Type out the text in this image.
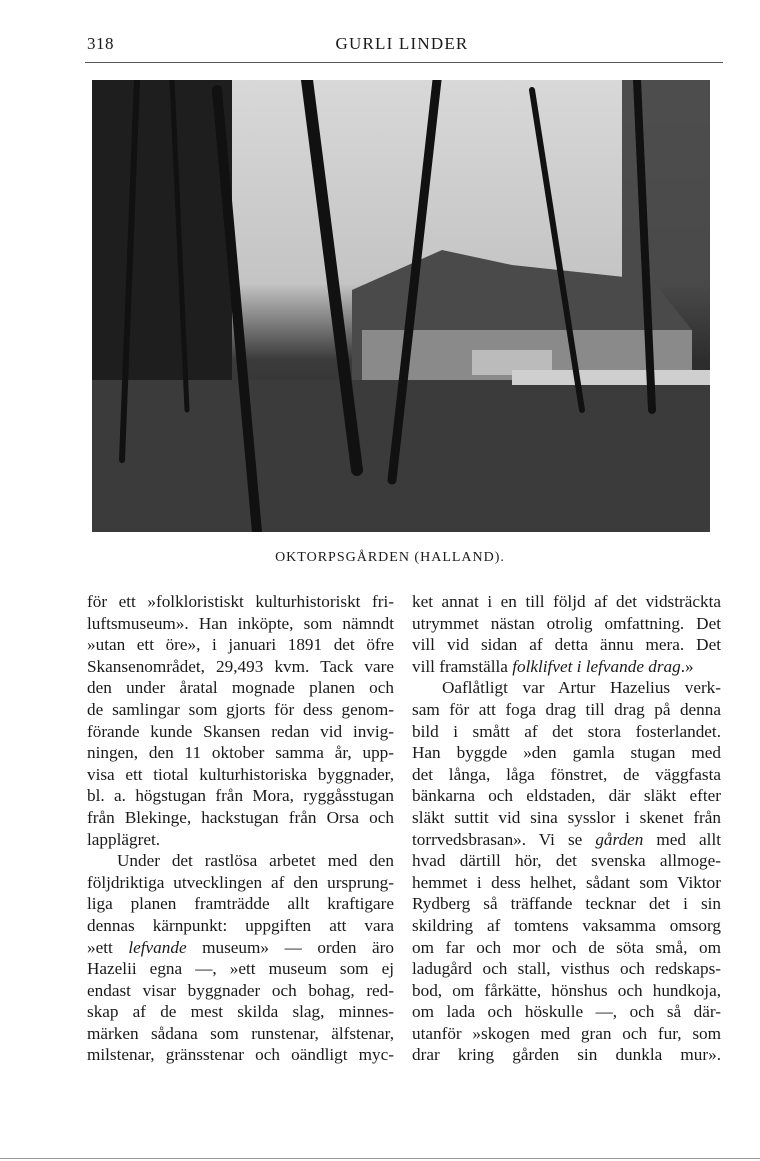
318	GURLI LINDER
OKTORPSGÅRDEN (HALLAND).
för ett »folkloristiskt kulturhistoriskt fri-
luftsmuseum». Han inköpte, som nämndt
»utan ett öre», i januari 1891 det öfre
Skansenområdet, 29,493 kvm. Tack vare
den under åratal mognade planen och
de samlingar som gjorts för dess genom-
förande kunde Skansen redan vid invig-
ningen, den 11 oktober samma år, upp-
visa ett tiotal kulturhistoriska byggnader,
bl. a. högstugan från Mora, ryggåsstugan
från Blekinge, hackstugan från Orsa och
lapplägret.
Under det rastlösa arbetet med den
följdriktiga utvecklingen af den ursprung-
liga planen framträdde allt kraftigare
dennas kärnpunkt: uppgiften att vara
»ett lefvande museum» — orden äro
Hazelii egna —, »ett museum som ej
endast visar byggnader och bohag, red-
skap af de mest skilda slag, minnes-
märken sådana som runstenar, älfstenar,
milstenar, gränsstenar och oändligt myc-
ket annat i en till följd af det vidsträckta
utrymmet nästan otrolig omfattning. Det
vill vid sidan af detta ännu mera. Det
vill framställa folklifvet i lefvande drag.»
Oaflåtligt var Artur Hazelius verk-
sam för att foga drag till drag på denna
bild i smått af det stora fosterlandet.
Han byggde »den gamla stugan med
det långa, låga fönstret, de väggfasta
bänkarna och eldstaden, där släkt efter
släkt suttit vid sina sysslor i skenet från
torrvedsbrasan». Vi se gården med allt
hvad därtill hör, det svenska allmoge-
hemmet i dess helhet, sådant som Viktor
Rydberg så träffande tecknar det i sin
skildring af tomtens vaksamma omsorg
om far och mor och de söta små, om
ladugård och stall, visthus och redskaps-
bod, om fårkätte, hönshus och hundkoja,
om lada och höskulle —, och så där-
utanför »skogen med gran och fur, som
drar kring gården sin dunkla mur».
